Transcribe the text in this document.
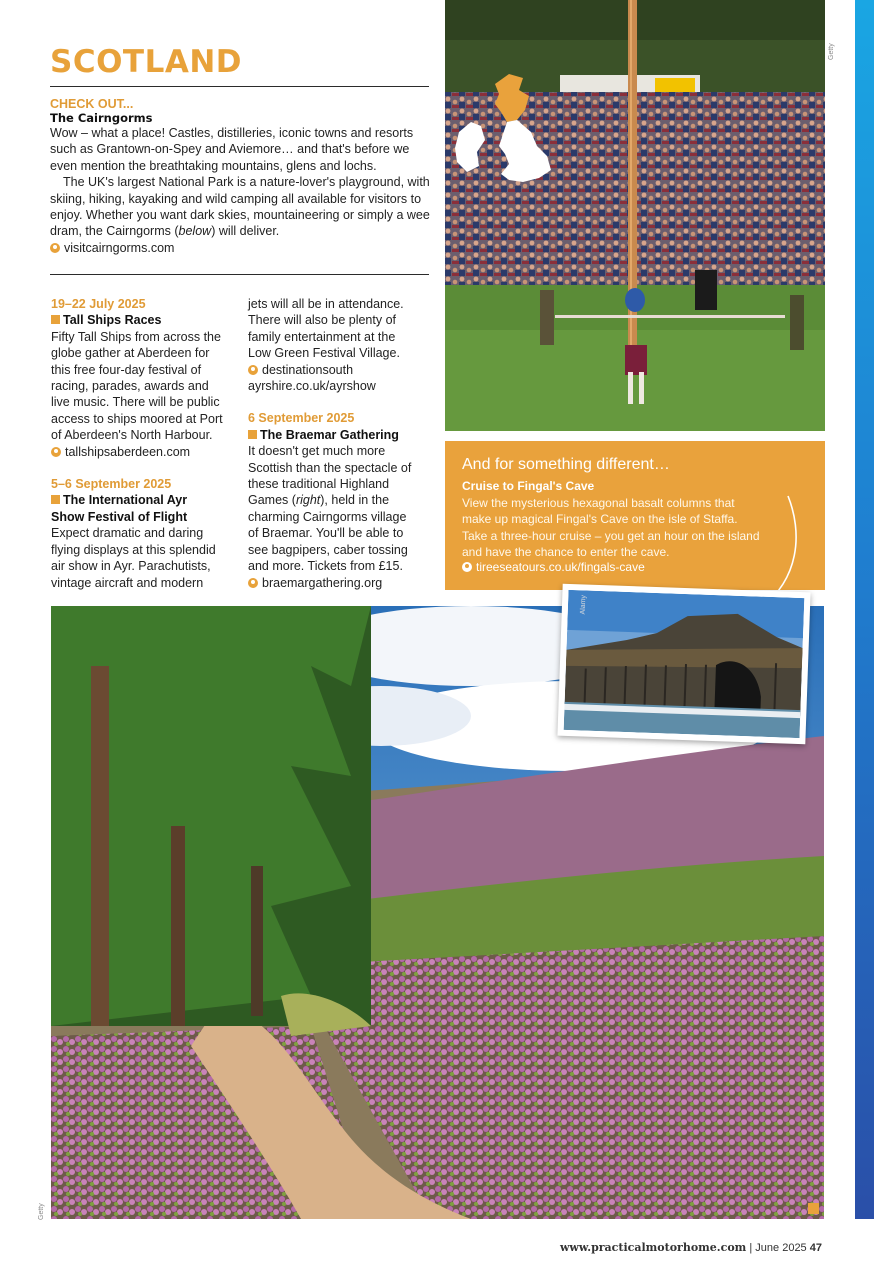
SCOTLAND
CHECK OUT...
The Cairngorms

Wow – what a place! Castles, distilleries, iconic towns and resorts such as Grantown-on-Spey and Aviemore… and that's before we even mention the breathtaking mountains, glens and lochs.

The UK's largest National Park is a nature-lover's playground, with skiing, hiking, kayaking and wild camping all available for visitors to enjoy. Whether you want dark skies, mountaineering or simply a wee dram, the Cairngorms (below) will deliver.

visitcairngorms.com
19–22 July 2025
Tall Ships Races

Fifty Tall Ships from across the globe gather at Aberdeen for this free four-day festival of racing, parades, awards and live music. There will be public access to ships moored at Port of Aberdeen's North Harbour.

tallshipsaberdeen.com
5–6 September 2025
The International Ayr
Show Festival of Flight

Expect dramatic and daring flying displays at this splendid air show in Ayr. Parachutists, vintage aircraft and modern

jets will all be in attendance. There will also be plenty of family entertainment at the Low Green Festival Village.

destinationsouth
ayrshire.co.uk/ayrshow
6 September 2025
The Braemar Gathering

It doesn't get much more Scottish than the spectacle of these traditional Highland Games (right), held in the charming Cairngorms village of Braemar. You'll be able to see bagpipers, caber tossing and more. Tickets from £15.

braemargathering.org
Getty
And for something different…
Cruise to Fingal's Cave
View the mysterious hexagonal basalt columns that make up magical Fingal's Cave on the isle of Staffa. Take a three-hour cruise – you get an hour on the island and have the chance to enter the cave.
tireeseatours.co.uk/fingals-cave
Getty
Alamy
www.practicalmotorhome.com | June 2025 47
